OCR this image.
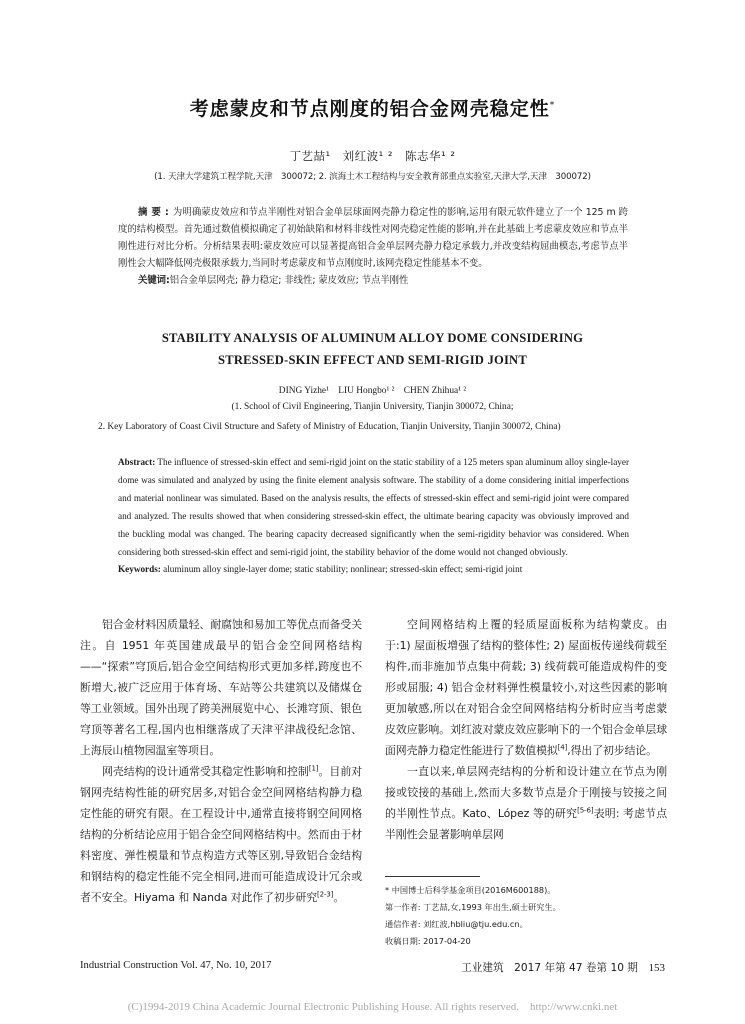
考虑蒙皮和节点刚度的铝合金网壳稳定性*
丁艺喆¹　刘红波¹ ²　陈志华¹ ²
(1. 天津大学建筑工程学院,天津　300072; 2. 滨海土木工程结构与安全教育部重点实验室,天津大学,天津　300072)
摘要:为明确蒙皮效应和节点半刚性对铝合金单层球面网壳静力稳定性的影响,运用有限元软件建立了一个 125 m 跨度的结构模型。首先通过数值模拟确定了初始缺陷和材料非线性对网壳稳定性能的影响,并在此基础上考虑蒙皮效应和节点半刚性进行对比分析。分析结果表明:蒙皮效应可以显著提高铝合金单层网壳静力稳定承载力,并改变结构屈曲模态,考虑节点半刚性会大幅降低网壳极限承载力,当同时考虑蒙皮和节点刚度时,该网壳稳定性能基本不变。
关键词:铝合金单层网壳; 静力稳定; 非线性; 蒙皮效应; 节点半刚性
STABILITY ANALYSIS OF ALUMINUM ALLOY DOME CONSIDERING
STRESSED-SKIN EFFECT AND SEMI-RIGID JOINT
DING Yizhe¹　LIU Hongbo¹ ²　CHEN Zhihua¹ ²
(1. School of Civil Engineering, Tianjin University, Tianjin 300072, China;
2. Key Laboratory of Coast Civil Structure and Safety of Ministry of Education, Tianjin University, Tianjin 300072, China)
Abstract: The influence of stressed-skin effect and semi-rigid joint on the static stability of a 125 meters span aluminum alloy single-layer dome was simulated and analyzed by using the finite element analysis software. The stability of a dome considering initial imperfections and material nonlinear was simulated. Based on the analysis results, the effects of stressed-skin effect and semi-rigid joint were compared and analyzed. The results showed that when considering stressed-skin effect, the ultimate bearing capacity was obviously improved and the buckling modal was changed. The bearing capacity decreased significantly when the semi-rigidity behavior was considered. When considering both stressed-skin effect and semi-rigid joint, the stability behavior of the dome would not changed obviously.
Keywords: aluminum alloy single-layer dome; static stability; nonlinear; stressed-skin effect; semi-rigid joint

铝合金材料因质量轻、耐腐蚀和易加工等优点而备受关注。自 1951 年英国建成最早的铝合金空间网格结构——“探索”穹顶后,铝合金空间结构形式更加多样,跨度也不断增大,被广泛应用于体育场、车站等公共建筑以及储煤仓等工业领域。国外出现了跨美洲展览中心、长滩穹顶、银色穹顶等著名工程,国内也相继落成了天津平津战役纪念馆、上海辰山植物园温室等项目。

网壳结构的设计通常受其稳定性影响和控制[1]。目前对钢网壳结构性能的研究居多,对铝合金空间网格结构静力稳定性能的研究有限。在工程设计中,通常直接将钢空间网格结构的分析结论应用于铝合金空间网格结构中。然而由于材料密度、弹性模量和节点构造方式等区别,导致铝合金结构和钢结构的稳定性能不完全相同,进而可能造成设计冗余或者不安全。Hiyama 和 Nanda 对此作了初步研究[2-3]。

空间网格结构上覆的轻质屋面板称为结构蒙皮。由于:1) 屋面板增强了结构的整体性; 2) 屋面板传递线荷载至构件,而非施加节点集中荷载; 3) 线荷载可能造成构件的变形或屈服; 4) 铝合金材料弹性模量较小,对这些因素的影响更加敏感,所以在对铝合金空间网格结构分析时应当考虑蒙皮效应影响。刘红波对蒙皮效应影响下的一个铝合金单层球面网壳静力稳定性能进行了数值模拟[4],得出了初步结论。

一直以来,单层网壳结构的分析和设计建立在节点为刚接或铰接的基础上,然而大多数节点是介于刚接与铰接之间的半刚性节点。Kato、López 等的研究[5-6]表明: 考虑节点半刚性会显著影响单层网

* 中国博士后科学基金项目(2016M600188)。
第一作者: 丁艺喆,女,1993 年出生,硕士研究生。
通信作者: 刘红波,hbliu@tju.edu.cn。
收稿日期: 2017-04-20
Industrial Construction Vol. 47, No. 10, 2017	工业建筑　2017 年第 47 卷第 10 期　 153
(C)1994-2019 China Academic Journal Electronic Publishing House. All rights reserved.　http://www.cnki.net
